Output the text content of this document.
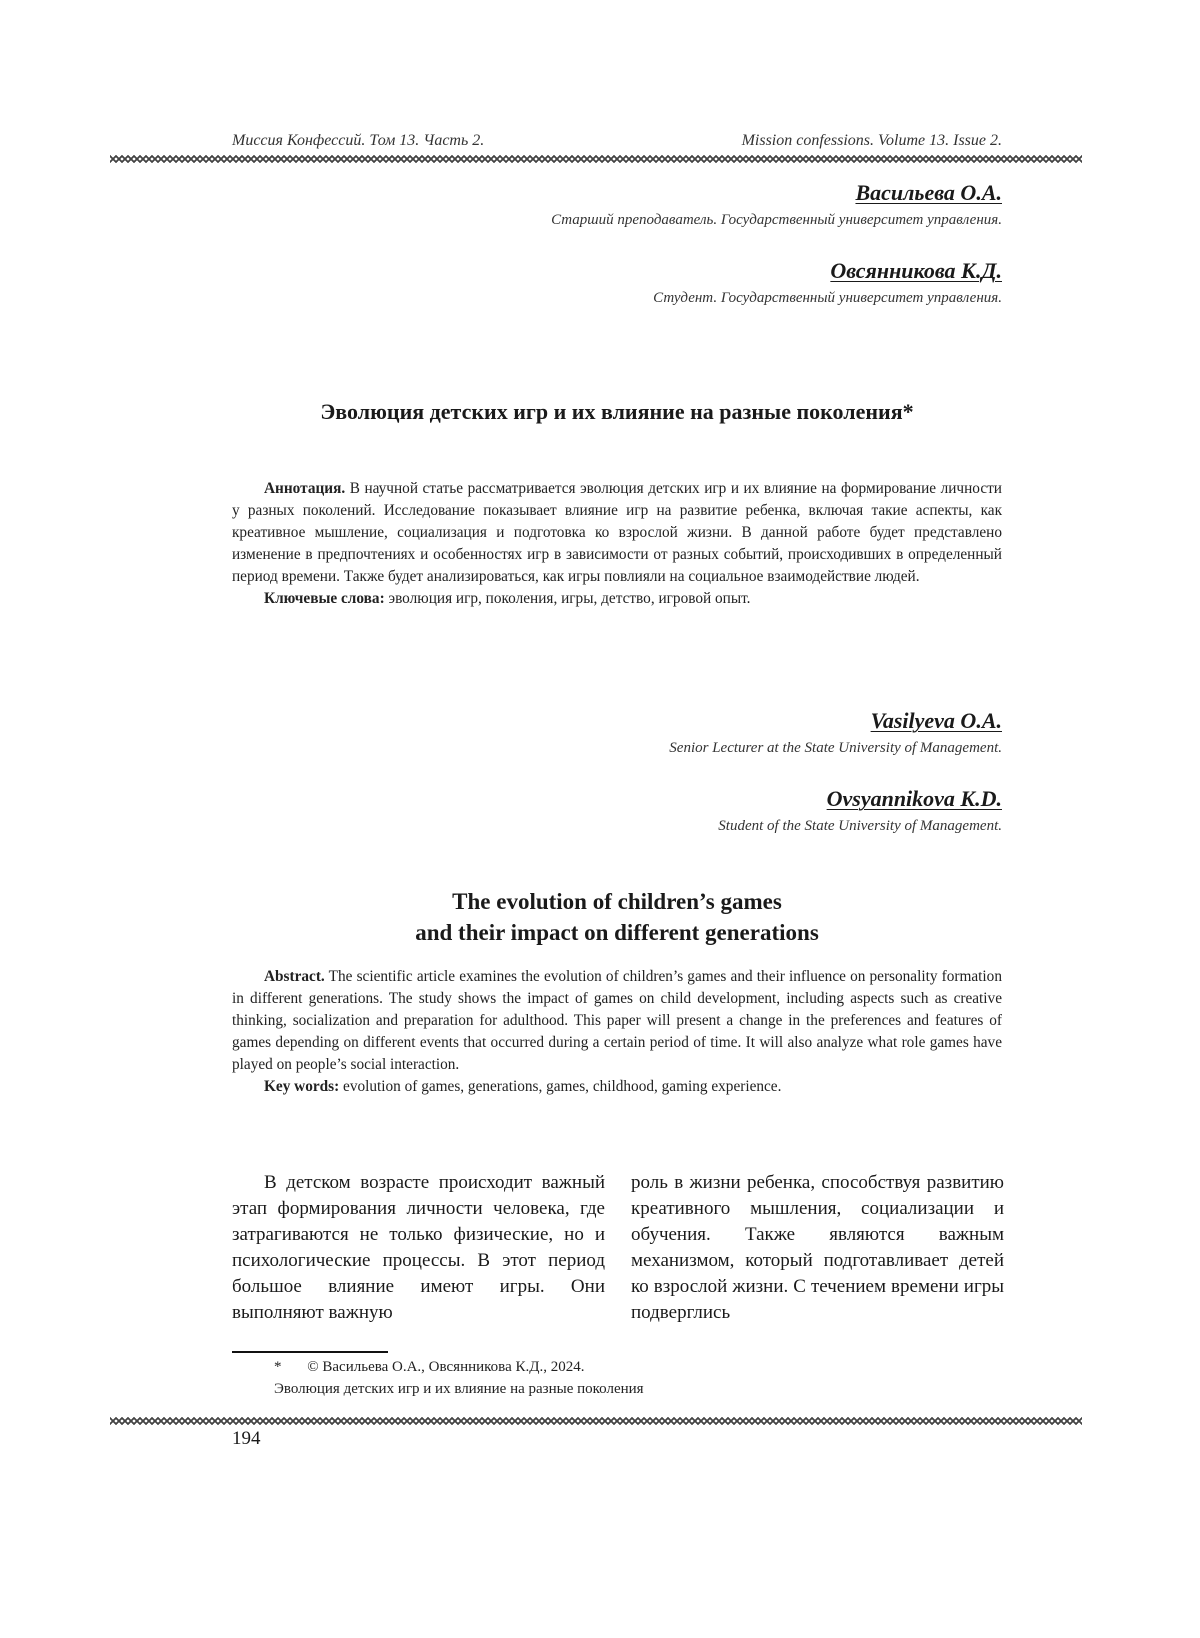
Миссия Конфессий. Том 13. Часть 2.	Mission confessions. Volume 13. Issue 2.
Васильева О.А.
Старший преподаватель. Государственный университет управления.
Овсянникова К.Д.
Студент. Государственный университет управления.
Эволюция детских игр и их влияние на разные поколения*

Аннотация. В научной статье рассматривается эволюция детских игр и их влияние на формирование личности у разных поколений. Исследование показывает влияние игр на развитие ребенка, включая такие аспекты, как креативное мышление, социализация и подготовка ко взрослой жизни. В данной работе будет представлено изменение в предпочтениях и особенностях игр в зависимости от разных событий, происходивших в определенный период времени. Также будет анализироваться, как игры повлияли на социальное взаимодействие людей.

Ключевые слова: эволюция игр, поколения, игры, детство, игровой опыт.

Vasilyeva O.A.
Senior Lecturer at the State University of Management.
Ovsyannikova K.D.
Student of the State University of Management.
The evolution of children’s games
and their impact on different generations

Abstract. The scientific article examines the evolution of children’s games and their influence on personality formation in different generations. The study shows the impact of games on child development, including aspects such as creative thinking, socialization and preparation for adulthood. This paper will present a change in the preferences and features of games depending on different events that occurred during a certain period of time. It will also analyze what role games have played on people’s social interaction.

Key words: evolution of games, generations, games, childhood, gaming experience.

В детском возрасте происходит важный этап формирования личности человека, где затрагиваются не только физические, но и психологические процессы. В этот период большое влияние имеют игры. Они выполняют важную
роль в жизни ребенка, способствуя развитию креативного мышления, социализации и обучения. Также являются важным механизмом, который подготавливает детей ко взрослой жизни. С течением времени игры подверглись
* © Васильева О.А., Овсянникова К.Д., 2024.
Эволюция детских игр и их влияние на разные поколения
194
